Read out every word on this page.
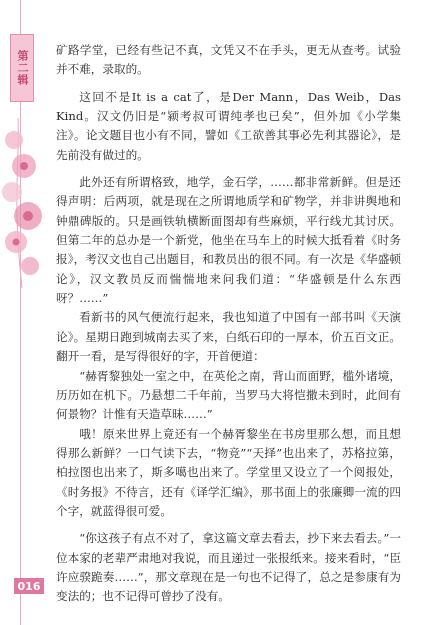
第二辑 矿路学堂，已经有些记不真，文凭又不在手头，更无从查考。试验并不难，录取的。

这回不是It is a cat了，是Der Mann，Das Weib，Das Kind。汉文仍旧是“颍考叔可谓纯孝也已矣”，但外加《小学集注》。论文题目也小有不同，譬如《工欲善其事必先利其器论》，是先前没有做过的。

此外还有所谓格致，地学，金石学，……都非常新鲜。但是还得声明：后两项，就是现在之所谓地质学和矿物学，并非讲舆地和钟鼎碑版的。只是画铁轨横断面图却有些麻烦，平行线尤其讨厌。但第二年的总办是一个新党，他坐在马车上的时候大抵看着《时务报》，考汉文也自己出题目，和教员出的很不同。有一次是《华盛顿论》，汉文教员反而惴惴地来问我们道：“华盛顿是什么东西呀？……”

看新书的风气便流行起来，我也知道了中国有一部书叫《天演论》。星期日跑到城南去买了来，白纸石印的一厚本，价五百文正。翻开一看，是写得很好的字，开首便道：

“赫胥黎独处一室之中，在英伦之南，背山而面野，槛外诸境，历历如在机下。乃悬想二千年前，当罗马大将恺撒未到时，此间有何景物？计惟有天造草昧……”

哦！原来世界上竟还有一个赫胥黎坐在书房里那么想，而且想得那么新鲜？一口气读下去，“物竞”“天择”也出来了，苏格拉第，柏拉图也出来了，斯多噶也出来了。学堂里又设立了一个阅报处，《时务报》不待言，还有《译学汇编》，那书面上的张廉卿一流的四个字，就蓝得很可爱。

“你这孩子有点不对了，拿这篇文章去看去，抄下来去看去。”一位本家的老辈严肃地对我说，而且递过一张报纸来。接来看时，“臣许应骙跪奏……”，那文章现在是一句也不记得了，总之是参康有为变法的；也不记得可曾抄了没有。

016
